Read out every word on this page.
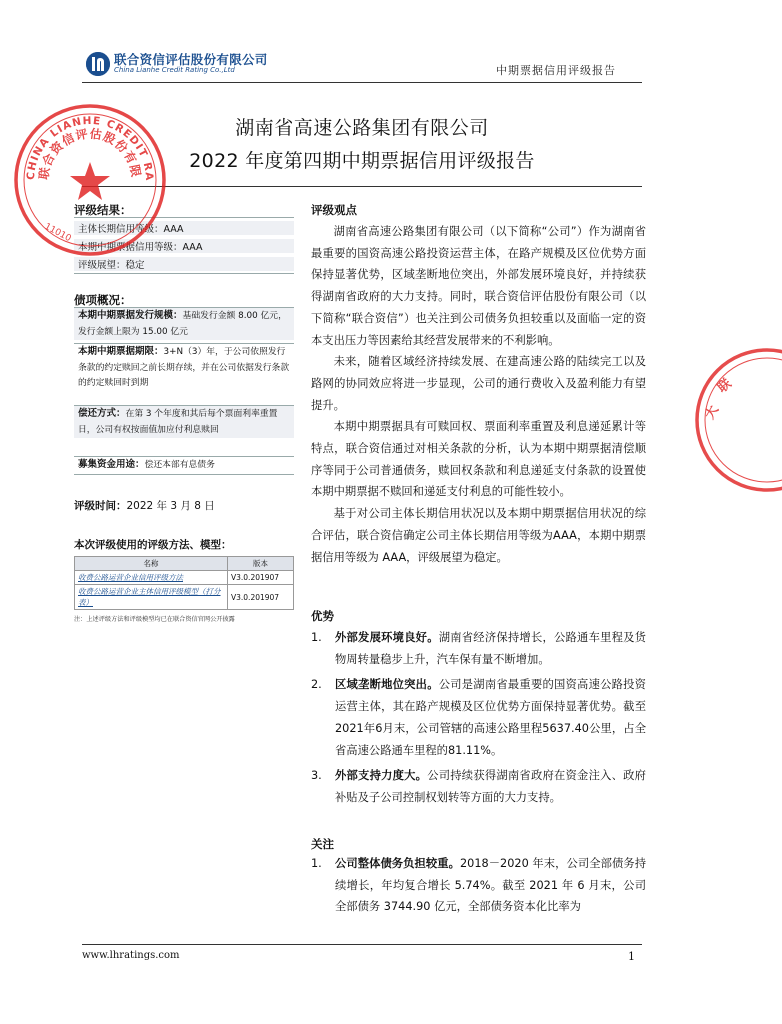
联合资信评估股份有限公司
China Lianhe Credit Rating Co.,Ltd	中期票据信用评级报告
湖南省高速公路集团有限公司
2022 年度第四期中期票据信用评级报告
评级结果：
主体长期信用等级：AAA
本期中期票据信用等级：AAA
评级展望：稳定
债项概况：
本期中期票据发行规模：基础发行金额 8.00 亿元，发行金额上限为 15.00 亿元
本期中期票据期限：3+N（3）年，于公司依照发行条款的约定赎回之前长期存续，并在公司依据发行条款的约定赎回时到期
偿还方式：在第 3 个年度和其后每个票面利率重置日，公司有权按面值加应付利息赎回
募集资金用途：偿还本部有息债务
评级时间：2022 年 3 月 8 日
本次评级使用的评级方法、模型：
名称	版本
收费公路运营企业信用评级方法	V3.0.201907
收费公路运营企业主体信用评级模型（打分表）	V3.0.201907
注：上述评级方法和评级模型均已在联合资信官网公开披露
评级观点
湖南省高速公路集团有限公司（以下简称“公司”）作为湖南省最重要的国资高速公路投资运营主体，在路产规模及区位优势方面保持显著优势，区域垄断地位突出，外部发展环境良好，并持续获得湖南省政府的大力支持。同时，联合资信评估股份有限公司（以下简称“联合资信”）也关注到公司债务负担较重以及面临一定的资本支出压力等因素给其经营发展带来的不利影响。
未来，随着区域经济持续发展、在建高速公路的陆续完工以及路网的协同效应将进一步显现，公司的通行费收入及盈利能力有望提升。
本期中期票据具有可赎回权、票面利率重置及利息递延累计等特点，联合资信通过对相关条款的分析，认为本期中期票据清偿顺序等同于公司普通债务，赎回权条款和利息递延支付条款的设置使本期中期票据不赎回和递延支付利息的可能性较小。
基于对公司主体长期信用状况以及本期中期票据信用状况的综合评估，联合资信确定公司主体长期信用等级为AAA，本期中期票据信用等级为 AAA，评级展望为稳定。
优势
1. 外部发展环境良好。湖南省经济保持增长，公路通车里程及货物周转量稳步上升，汽车保有量不断增加。
2. 区域垄断地位突出。公司是湖南省最重要的国资高速公路投资运营主体，其在路产规模及区位优势方面保持显著优势。截至2021年6月末，公司管辖的高速公路里程5637.40公里，占全省高速公路通车里程的81.11%。
3. 外部支持力度大。公司持续获得湖南省政府在资金注入、政府补贴及子公司控制权划转等方面的大力支持。
关注
1. 公司整体债务负担较重。2018－2020 年末，公司全部债务持续增长，年均复合增长 5.74%。截至 2021 年 6 月末，公司全部债务 3744.90 亿元，全部债务资本化比率为
www.lhratings.com	1
CHINA LIANHE CREDIT RA
联合资信评估股份有限
11010
大
联
